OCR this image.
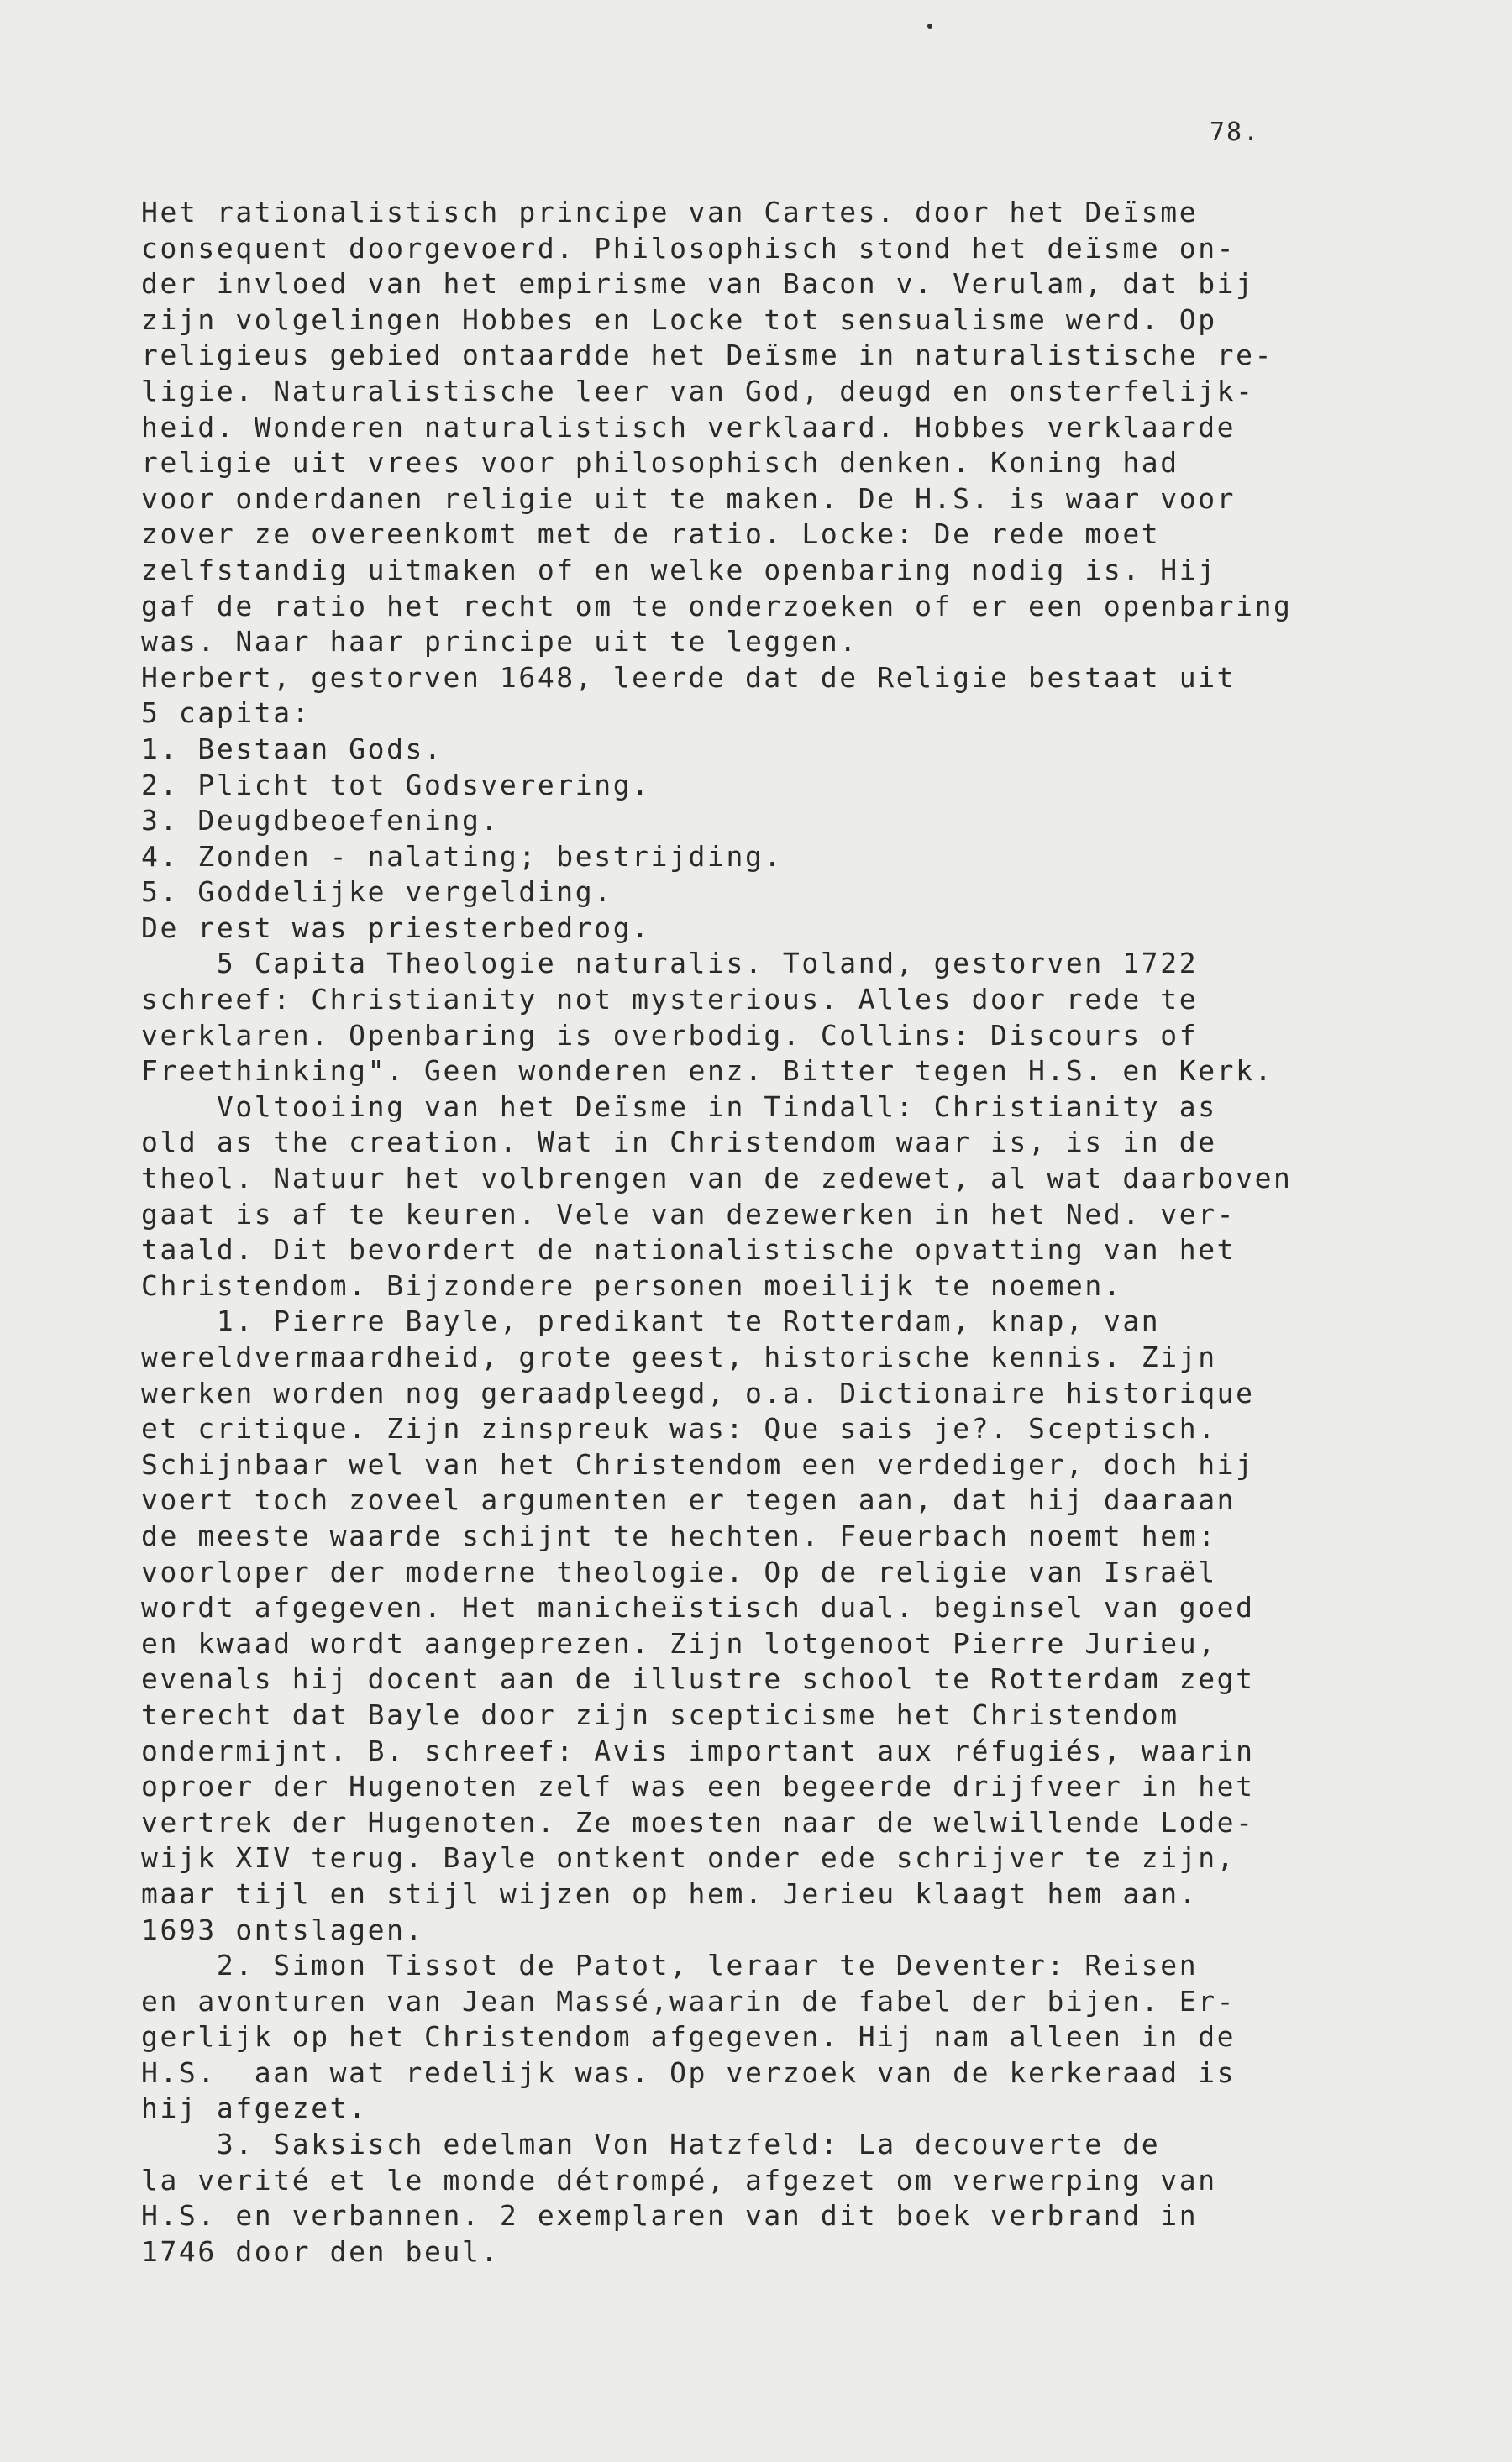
78.
Het rationalistisch principe van Cartes. door het Deïsme
consequent doorgevoerd. Philosophisch stond het deïsme on-
der invloed van het empirisme van Bacon v. Verulam, dat bij
zijn volgelingen Hobbes en Locke tot sensualisme werd. Op
religieus gebied ontaardde het Deïsme in naturalistische re-
ligie. Naturalistische leer van God, deugd en onsterfelijk-
heid. Wonderen naturalistisch verklaard. Hobbes verklaarde
religie uit vrees voor philosophisch denken. Koning had
voor onderdanen religie uit te maken. De H.S. is waar voor
zover ze overeenkomt met de ratio. Locke: De rede moet
zelfstandig uitmaken of en welke openbaring nodig is. Hij
gaf de ratio het recht om te onderzoeken of er een openbaring
was. Naar haar principe uit te leggen.
Herbert, gestorven 1648, leerde dat de Religie bestaat uit
5 capita:
1. Bestaan Gods.
2. Plicht tot Godsverering.
3. Deugdbeoefening.
4. Zonden - nalating; bestrijding.
5. Goddelijke vergelding.
De rest was priesterbedrog.
5 Capita Theologie naturalis. Toland, gestorven 1722
schreef: Christianity not mysterious. Alles door rede te
verklaren. Openbaring is overbodig. Collins: Discours of
Freethinking". Geen wonderen enz. Bitter tegen H.S. en Kerk.
Voltooiing van het Deïsme in Tindall: Christianity as
old as the creation. Wat in Christendom waar is, is in de
theol. Natuur het volbrengen van de zedewet, al wat daarboven
gaat is af te keuren. Vele van dezewerken in het Ned. ver-
taald. Dit bevordert de nationalistische opvatting van het
Christendom. Bijzondere personen moeilijk te noemen.
1. Pierre Bayle, predikant te Rotterdam, knap, van
wereldvermaardheid, grote geest, historische kennis. Zijn
werken worden nog geraadpleegd, o.a. Dictionaire historique
et critique. Zijn zinspreuk was: Que sais je?. Sceptisch.
Schijnbaar wel van het Christendom een verdediger, doch hij
voert toch zoveel argumenten er tegen aan, dat hij daaraan
de meeste waarde schijnt te hechten. Feuerbach noemt hem:
voorloper der moderne theologie. Op de religie van Israël
wordt afgegeven. Het manicheïstisch dual. beginsel van goed
en kwaad wordt aangeprezen. Zijn lotgenoot Pierre Jurieu,
evenals hij docent aan de illustre school te Rotterdam zegt
terecht dat Bayle door zijn scepticisme het Christendom
ondermijnt. B. schreef: Avis important aux réfugiés, waarin
oproer der Hugenoten zelf was een begeerde drijfveer in het
vertrek der Hugenoten. Ze moesten naar de welwillende Lode-
wijk XIV terug. Bayle ontkent onder ede schrijver te zijn,
maar tijl en stijl wijzen op hem. Jerieu klaagt hem aan.
1693 ontslagen.
2. Simon Tissot de Patot, leraar te Deventer: Reisen
en avonturen van Jean Massé,waarin de fabel der bijen. Er-
gerlijk op het Christendom afgegeven. Hij nam alleen in de
H.S.  aan wat redelijk was. Op verzoek van de kerkeraad is
hij afgezet.
3. Saksisch edelman Von Hatzfeld: La decouverte de
la verité et le monde détrompé, afgezet om verwerping van
H.S. en verbannen. 2 exemplaren van dit boek verbrand in
1746 door den beul.
